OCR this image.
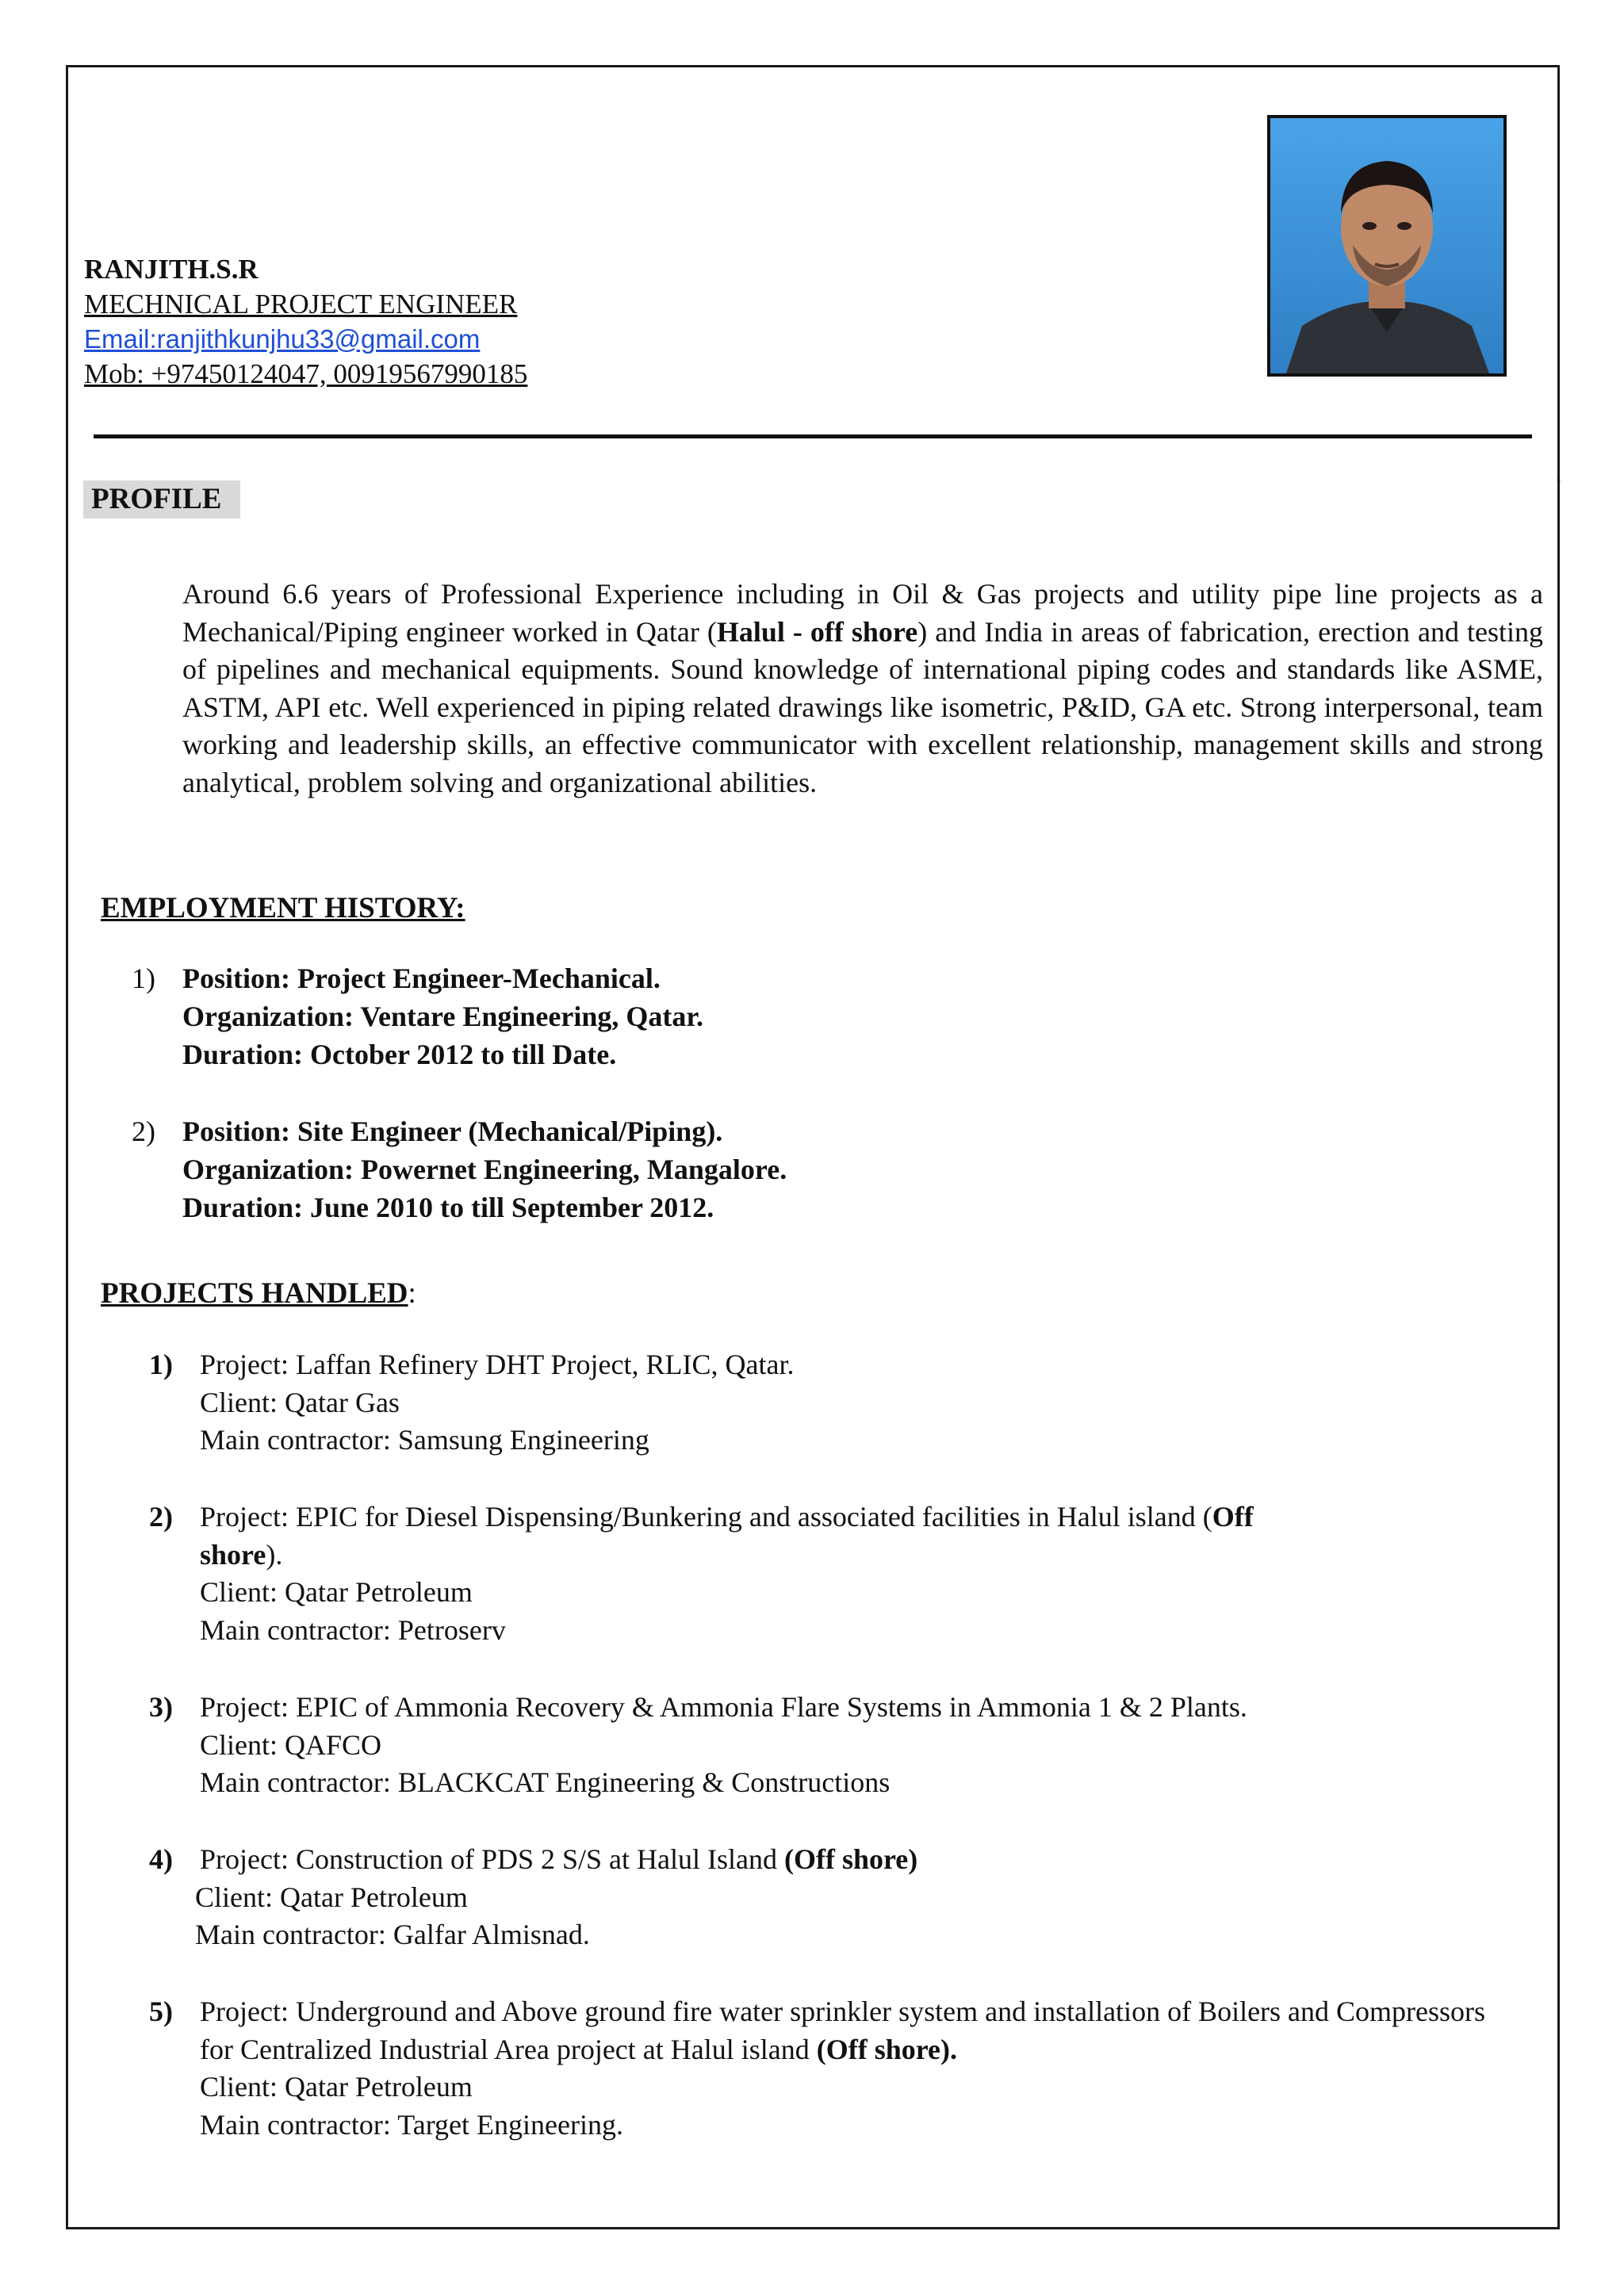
RANJITH.S.R
MECHNICAL PROJECT ENGINEER
Email:ranjithkunjhu33@gmail.com
Mob: +97450124047, 00919567990185
`
PROFILE
Around 6.6 years of Professional Experience including in Oil & Gas projects and utility pipe line projects as a Mechanical/Piping engineer worked in Qatar (Halul - off shore) and India in areas of fabrication, erection and testing of pipelines and mechanical equipments. Sound knowledge of international piping codes and standards like ASME, ASTM, API etc. Well experienced in piping related drawings like isometric, P&ID, GA etc. Strong interpersonal, team working and leadership skills, an effective communicator with excellent relationship, management skills and strong analytical, problem solving and organizational abilities.
EMPLOYMENT HISTORY:
1) Position: Project Engineer-Mechanical.
Organization: Ventare Engineering, Qatar.
Duration: October 2012 to till Date.
2) Position: Site Engineer (Mechanical/Piping).
Organization: Powernet Engineering, Mangalore.
Duration: June 2010 to till September 2012.
PROJECTS HANDLED:
1) Project: Laffan Refinery DHT Project, RLIC, Qatar.
Client: Qatar Gas
Main contractor: Samsung Engineering
2) Project: EPIC for Diesel Dispensing/Bunkering and associated facilities in Halul island (Off
shore).
Client: Qatar Petroleum
Main contractor: Petroserv
3) Project: EPIC of Ammonia Recovery & Ammonia Flare Systems in Ammonia 1 & 2 Plants.
Client: QAFCO
Main contractor: BLACKCAT Engineering & Constructions
4) Project: Construction of PDS 2 S/S at Halul Island (Off shore)
Client: Qatar Petroleum
Main contractor: Galfar Almisnad.
5) Project: Underground and Above ground fire water sprinkler system and installation of Boilers and Compressors for Centralized Industrial Area project at Halul island (Off shore).
Client: Qatar Petroleum
Main contractor: Target Engineering.
